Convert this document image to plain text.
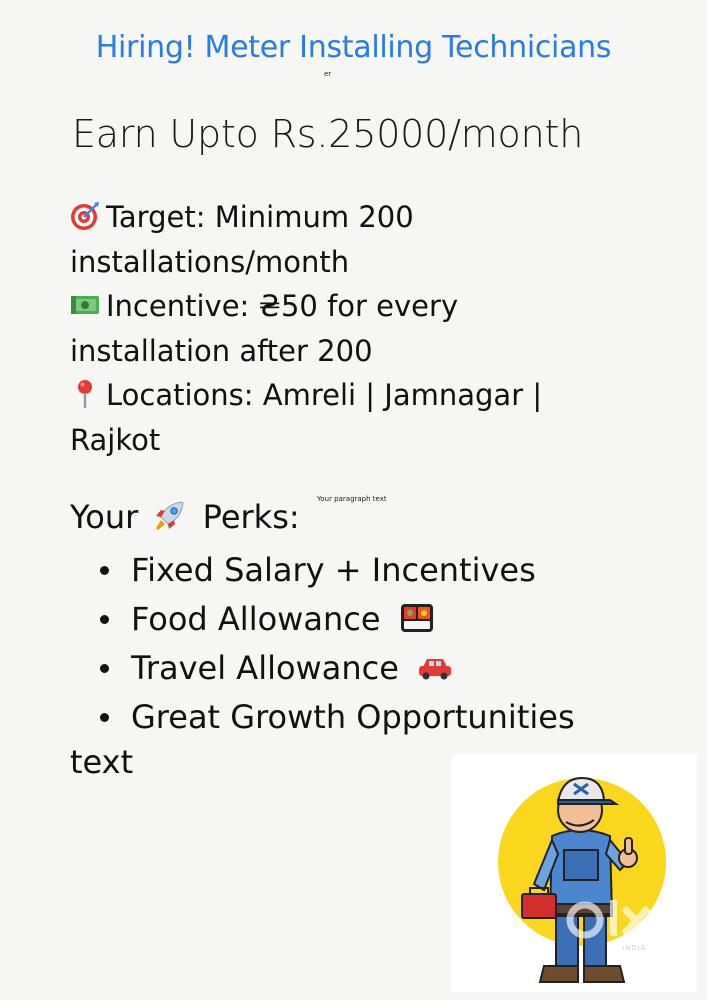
Hiring! Meter Installing Technicians
er
Earn Upto Rs.25000/month
Target: Minimum 200
installations/month
Incentive: ₴50 for every
installation after 200
Locations: Amreli | Jamnagar |
Rajkot
Your paragraph text
Your Perks:
Fixed Salary + Incentives
Food Allowance
Travel Allowance
Great Growth Opportunities
text
INDIA
